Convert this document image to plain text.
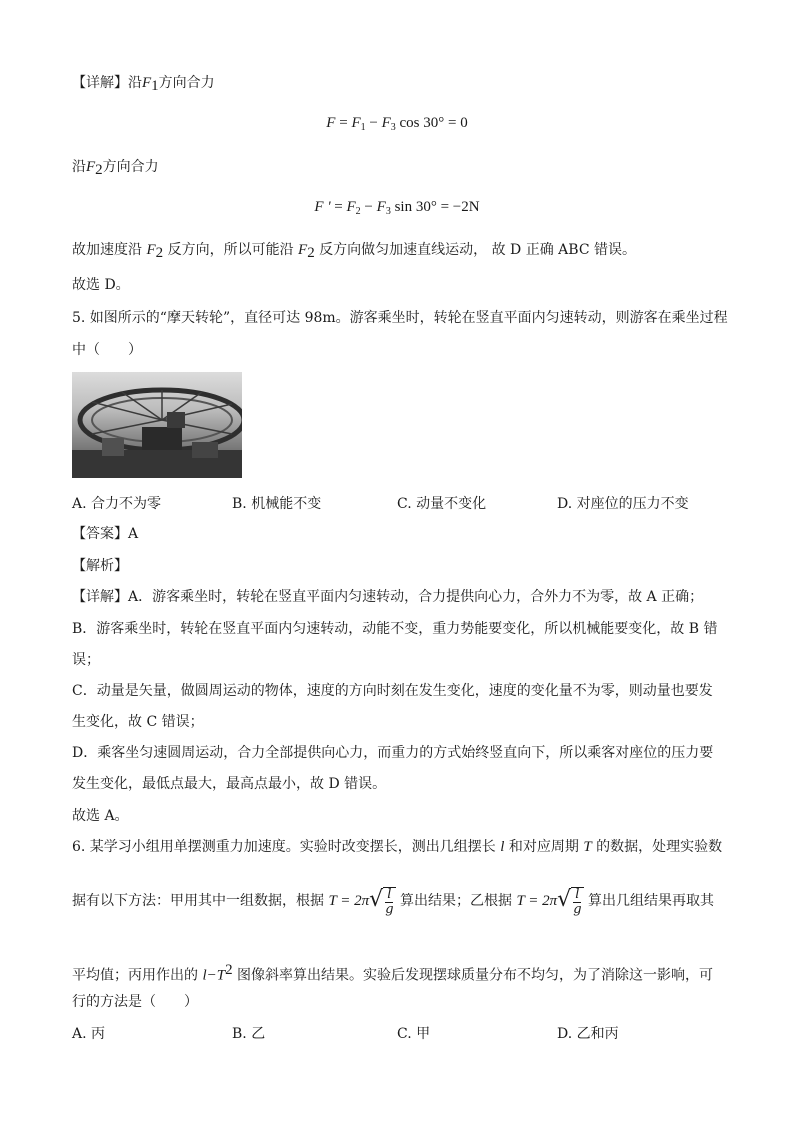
【详解】沿$F_1$方向合力
$F = F_1 - F_3$ cos 30° = 0
沿$F_2$方向合力
F ' = $F_2 - F_3$ sin 30° = −2N
故加速度沿 $F_2$ 反方向，所以可能沿 $F_2$ 反方向做匀加速直线运动， 故 D 正确 ABC 错误。
故选 D。
5. 如图所示的“摩天转轮”，直径可达 98m。游客乘坐时，转轮在竖直平面内匀速转动，则游客在乘坐过程
中（　　）
A. 合力不为零	B. 机械能不变	C. 动量不变化	D. 对座位的压力不变
【答案】A
【解析】
【详解】A．游客乘坐时，转轮在竖直平面内匀速转动，合力提供向心力，合外力不为零，故 A 正确；
B．游客乘坐时，转轮在竖直平面内匀速转动，动能不变，重力势能要变化，所以机械能要变化，故 B 错
误；
C．动量是矢量，做圆周运动的物体，速度的方向时刻在发生变化，速度的变化量不为零，则动量也要发
生变化，故 C 错误；
D．乘客坐匀速圆周运动，合力全部提供向心力，而重力的方式始终竖直向下，所以乘客对座位的压力要
发生变化，最低点最大，最高点最小，故 D 错误。
故选 A。
6. 某学习小组用单摆测重力加速度。实验时改变摆长，测出几组摆长 l 和对应周期 T 的数据，处理实验数
据有以下方法：甲用其中一组数据，根据 $T = 2\pi√ \frac{l}{g}$ 算出结果；乙根据 $T = 2\pi√ \frac{l}{g}$ 算出几组结果再取其
平均值；丙用作出的 $l-T^2$ 图像斜率算出结果。实验后发现摆球质量分布不均匀，为了消除这一影响，可
行的方法是（　　）
A. 丙	B. 乙	C. 甲	D. 乙和丙
